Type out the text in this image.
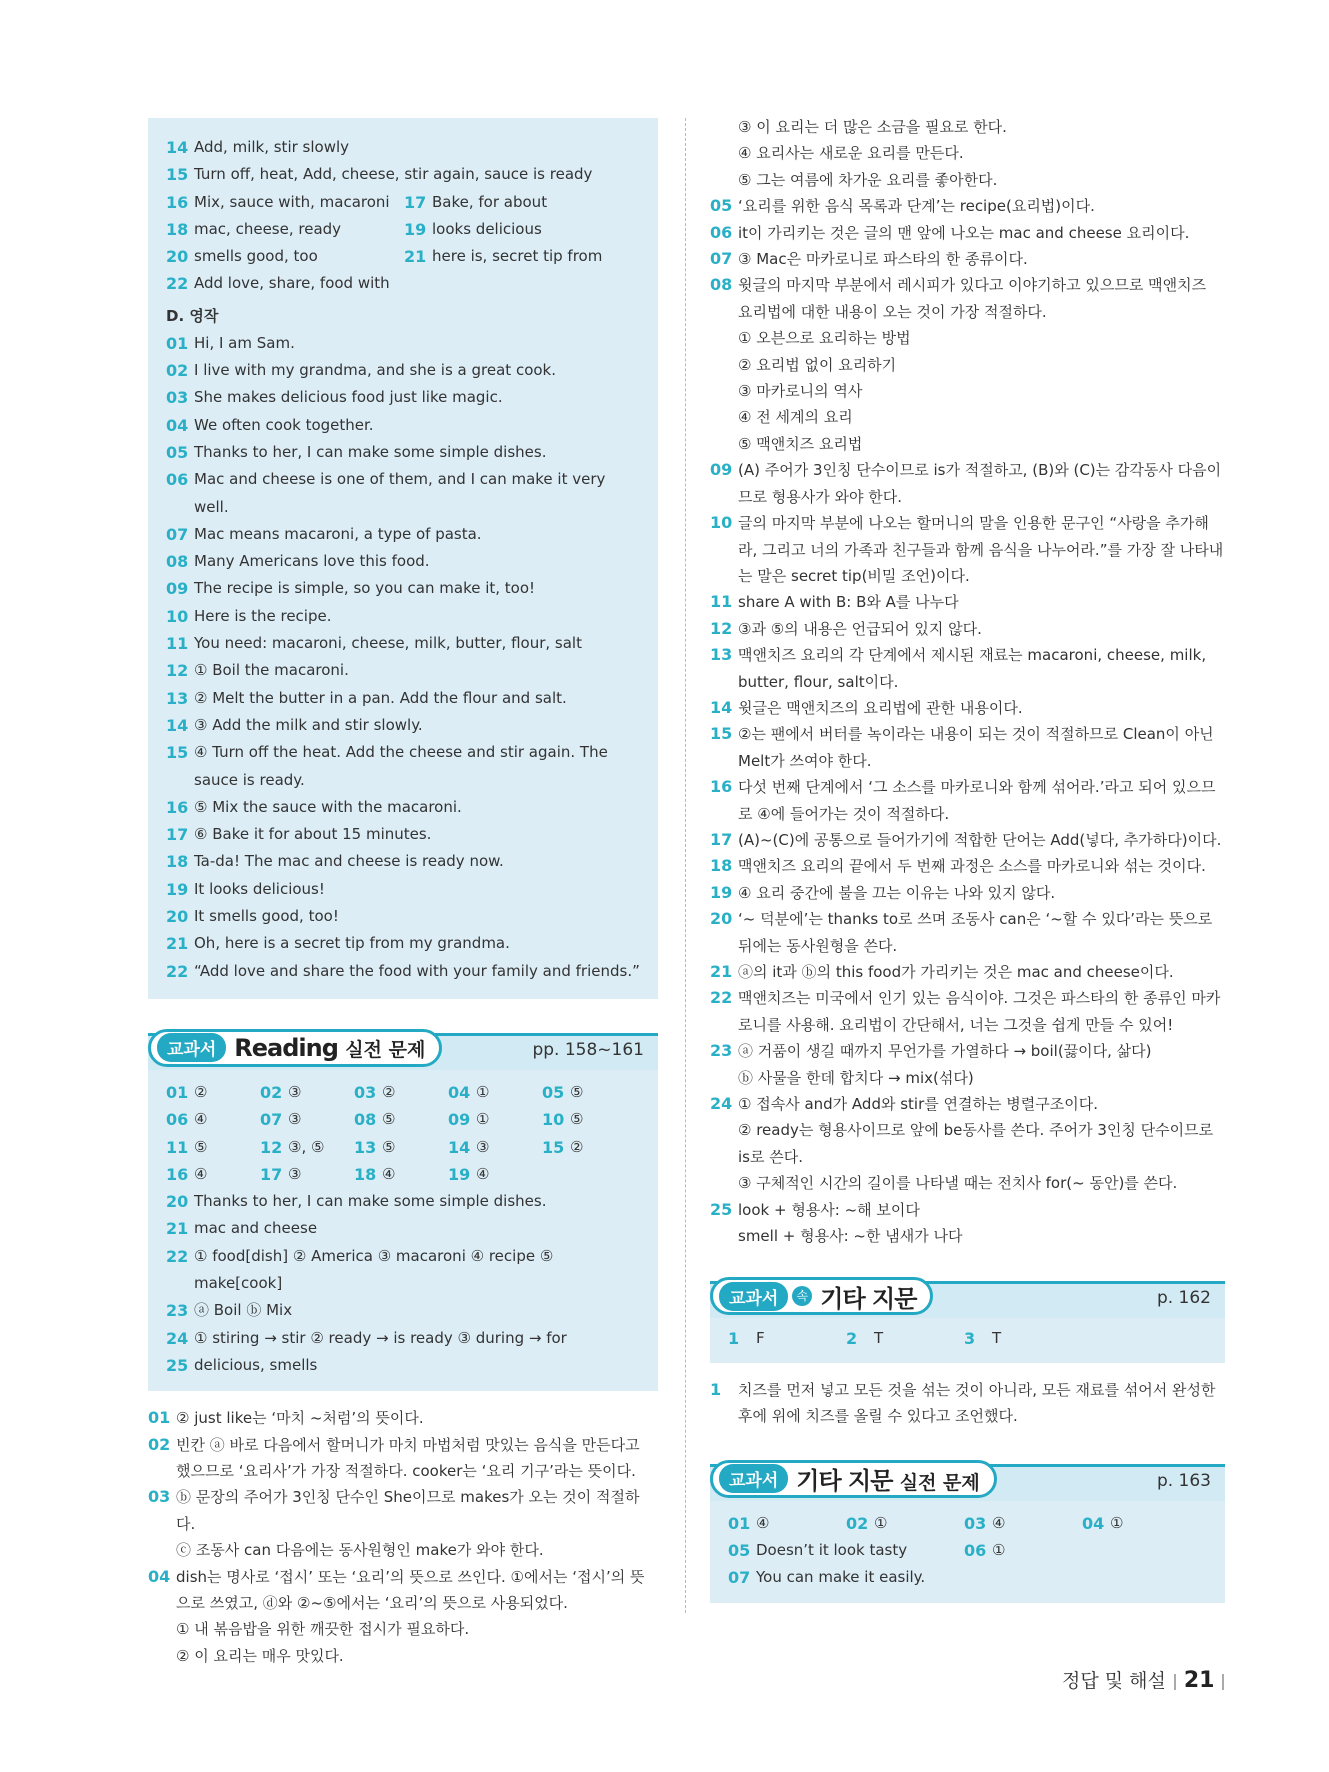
14 Add, milk, stir slowly
15 Turn off, heat, Add, cheese, stir again, sauce is ready
16 Mix, sauce with, macaroni 17 Bake, for about
18 mac, cheese, ready	19 looks delicious
20 smells good, too	21 here is, secret tip from
22 Add love, share, food with
D. 영작
01 Hi, I am Sam.
02 I live with my grandma, and she is a great cook.
03 She makes delicious food just like magic.
04 We often cook together.
05 Thanks to her, I can make some simple dishes.
06 Mac and cheese is one of them, and I can make it very well.
07 Mac means macaroni, a type of pasta.
08 Many Americans love this food.
09 The recipe is simple, so you can make it, too!
10 Here is the recipe.
11 You need: macaroni, cheese, milk, butter, flour, salt
12 ① Boil the macaroni.
13 ② Melt the butter in a pan. Add the flour and salt.
14 ③ Add the milk and stir slowly.
15 ④ Turn off the heat. Add the cheese and stir again. The sauce is ready.
16 ⑤ Mix the sauce with the macaroni.
17 ⑥ Bake it for about 15 minutes.
18 Ta-da! The mac and cheese is ready now.
19 It looks delicious!
20 It smells good, too!
21 Oh, here is a secret tip from my grandma.
22 “Add love and share the food with your family and friends.”
교과서 Reading 실전 문제	pp. 158~161
01 ②	02 ③	03 ②	04 ①	05 ⑤
06 ④	07 ③	08 ⑤	09 ①	10 ⑤
11 ⑤	12 ③, ⑤ 13 ⑤	14 ③	15 ②
16 ④	17 ③	18 ④	19 ④
20 Thanks to her, I can make some simple dishes.
21 mac and cheese
22 ① food[dish] ② America ③ macaroni ④ recipe ⑤ make[cook]
23 ⓐ Boil ⓑ Mix
24 ① stiring → stir ② ready → is ready ③ during → for
25 delicious, smells
01 ② just like는 ‘마치 ~처럼’의 뜻이다.
02 빈칸 ⓐ 바로 다음에서 할머니가 마치 마법처럼 맛있는 음식을 만든다고 했으므로 ‘요리사’가 가장 적절하다. cooker는 ‘요리 기구’라는 뜻이다.
03 ⓑ 문장의 주어가 3인칭 단수인 She이므로 makes가 오는 것이 적절하다.
ⓒ 조동사 can 다음에는 동사원형인 make가 와야 한다.
04 dish는 명사로 ‘접시’ 또는 ‘요리’의 뜻으로 쓰인다. ①에서는 ‘접시’의 뜻으로 쓰였고, ⓓ와 ②~⑤에서는 ‘요리’의 뜻으로 사용되었다.
① 내 볶음밥을 위한 깨끗한 접시가 필요하다.
② 이 요리는 매우 맛있다.
③ 이 요리는 더 많은 소금을 필요로 한다.
④ 요리사는 새로운 요리를 만든다.
⑤ 그는 여름에 차가운 요리를 좋아한다.
05 ‘요리를 위한 음식 목록과 단계’는 recipe(요리법)이다.
06 it이 가리키는 것은 글의 맨 앞에 나오는 mac and cheese 요리이다.
07 ③ Mac은 마카로니로 파스타의 한 종류이다.
08 윗글의 마지막 부분에서 레시피가 있다고 이야기하고 있으므로 맥앤치즈 요리법에 대한 내용이 오는 것이 가장 적절하다.
① 오븐으로 요리하는 방법
② 요리법 없이 요리하기
③ 마카로니의 역사
④ 전 세계의 요리
⑤ 맥앤치즈 요리법
09 (A) 주어가 3인칭 단수이므로 is가 적절하고, (B)와 (C)는 감각동사 다음이므로 형용사가 와야 한다.
10 글의 마지막 부분에 나오는 할머니의 말을 인용한 문구인 “사랑을 추가해라, 그리고 너의 가족과 친구들과 함께 음식을 나누어라.”를 가장 잘 나타내는 말은 secret tip(비밀 조언)이다.
11 share A with B: B와 A를 나누다
12 ③과 ⑤의 내용은 언급되어 있지 않다.
13 맥앤치즈 요리의 각 단계에서 제시된 재료는 macaroni, cheese, milk, butter, flour, salt이다.
14 윗글은 맥앤치즈의 요리법에 관한 내용이다.
15 ②는 팬에서 버터를 녹이라는 내용이 되는 것이 적절하므로 Clean이 아닌 Melt가 쓰여야 한다.
16 다섯 번째 단계에서 ‘그 소스를 마카로니와 함께 섞어라.’라고 되어 있으므로 ④에 들어가는 것이 적절하다.
17 (A)~(C)에 공통으로 들어가기에 적합한 단어는 Add(넣다, 추가하다)이다.
18 맥앤치즈 요리의 끝에서 두 번째 과정은 소스를 마카로니와 섞는 것이다.
19 ④ 요리 중간에 불을 끄는 이유는 나와 있지 않다.
20 ‘~ 덕분에’는 thanks to로 쓰며 조동사 can은 ‘~할 수 있다’라는 뜻으로 뒤에는 동사원형을 쓴다.
21 ⓐ의 it과 ⓑ의 this food가 가리키는 것은 mac and cheese이다.
22 맥앤치즈는 미국에서 인기 있는 음식이야. 그것은 파스타의 한 종류인 마카로니를 사용해. 요리법이 간단해서, 너는 그것을 쉽게 만들 수 있어!
23 ⓐ 거품이 생길 때까지 무언가를 가열하다 → boil(끓이다, 삶다)
ⓑ 사물을 한데 합치다 → mix(섞다)
24 ① 접속사 and가 Add와 stir를 연결하는 병렬구조이다.
② ready는 형용사이므로 앞에 be동사를 쓴다. 주어가 3인칭 단수이므로 is로 쓴다.
③ 구체적인 시간의 길이를 나타낼 때는 전치사 for(~ 동안)를 쓴다.
25 look + 형용사: ~해 보이다
smell + 형용사: ~한 냄새가 나다
교과서	속 기타 지문	p. 162
1	F	2	T	3	T
1	치즈를 먼저 넣고 모든 것을 섞는 것이 아니라, 모든 재료를 섞어서 완성한 후에 위에 치즈를 올릴 수 있다고 조언했다.
교과서 기타 지문 실전 문제	p. 163
01 ④	02 ①	03 ④	04 ①
05 Doesn’t it look tasty	06 ①
07 You can make it easily.
정답 및 해설 21
